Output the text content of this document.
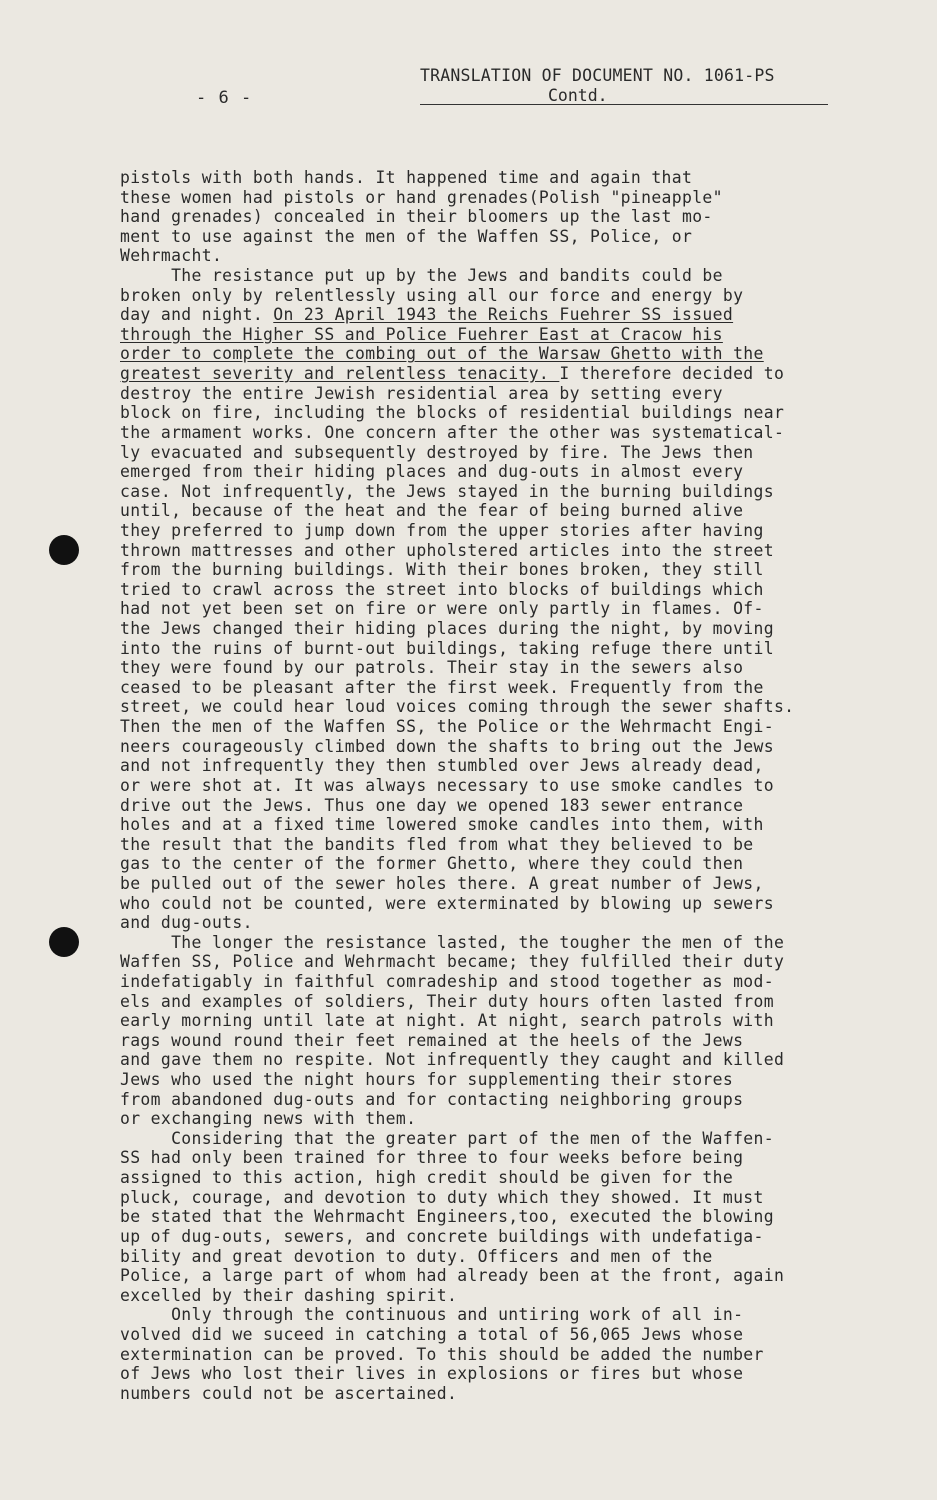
- 6 -
TRANSLATION OF DOCUMENT NO. 1061-PS
Contd.
pistols with both hands. It happened time and again that
these women had pistols or hand grenades(Polish "pineapple"
hand grenades) concealed in their bloomers up the last mo-
ment to use against the men of the Waffen SS, Police, or
Wehrmacht.
The resistance put up by the Jews and bandits could be
broken only by relentlessly using all our force and energy by
day and night. On 23 April 1943 the Reichs Fuehrer SS issued
through the Higher SS and Police Fuehrer East at Cracow his
order to complete the combing out of the Warsaw Ghetto with the
greatest severity and relentless tenacity. I therefore decided to
destroy the entire Jewish residential area by setting every
block on fire, including the blocks of residential buildings near
the armament works. One concern after the other was systematical-
ly evacuated and subsequently destroyed by fire. The Jews then
emerged from their hiding places and dug-outs in almost every
case. Not infrequently, the Jews stayed in the burning buildings
until, because of the heat and the fear of being burned alive
they preferred to jump down from the upper stories after having
thrown mattresses and other upholstered articles into the street
from the burning buildings. With their bones broken, they still
tried to crawl across the street into blocks of buildings which
had not yet been set on fire or were only partly in flames. Of-
the Jews changed their hiding places during the night, by moving
into the ruins of burnt-out buildings, taking refuge there until
they were found by our patrols. Their stay in the sewers also
ceased to be pleasant after the first week. Frequently from the
street, we could hear loud voices coming through the sewer shafts.
Then the men of the Waffen SS, the Police or the Wehrmacht Engi-
neers courageously climbed down the shafts to bring out the Jews
and not infrequently they then stumbled over Jews already dead,
or were shot at. It was always necessary to use smoke candles to
drive out the Jews. Thus one day we opened 183 sewer entrance
holes and at a fixed time lowered smoke candles into them, with
the result that the bandits fled from what they believed to be
gas to the center of the former Ghetto, where they could then
be pulled out of the sewer holes there. A great number of Jews,
who could not be counted, were exterminated by blowing up sewers
and dug-outs.
The longer the resistance lasted, the tougher the men of the
Waffen SS, Police and Wehrmacht became; they fulfilled their duty
indefatigably in faithful comradeship and stood together as mod-
els and examples of soldiers, Their duty hours often lasted from
early morning until late at night. At night, search patrols with
rags wound round their feet remained at the heels of the Jews
and gave them no respite. Not infrequently they caught and killed
Jews who used the night hours for supplementing their stores
from abandoned dug-outs and for contacting neighboring groups
or exchanging news with them.
Considering that the greater part of the men of the Waffen-
SS had only been trained for three to four weeks before being
assigned to this action, high credit should be given for the
pluck, courage, and devotion to duty which they showed. It must
be stated that the Wehrmacht Engineers,too, executed the blowing
up of dug-outs, sewers, and concrete buildings with undefatiga-
bility and great devotion to duty. Officers and men of the
Police, a large part of whom had already been at the front, again
excelled by their dashing spirit.
Only through the continuous and untiring work of all in-
volved did we suceed in catching a total of 56,065 Jews whose
extermination can be proved. To this should be added the number
of Jews who lost their lives in explosions or fires but whose
numbers could not be ascertained.
